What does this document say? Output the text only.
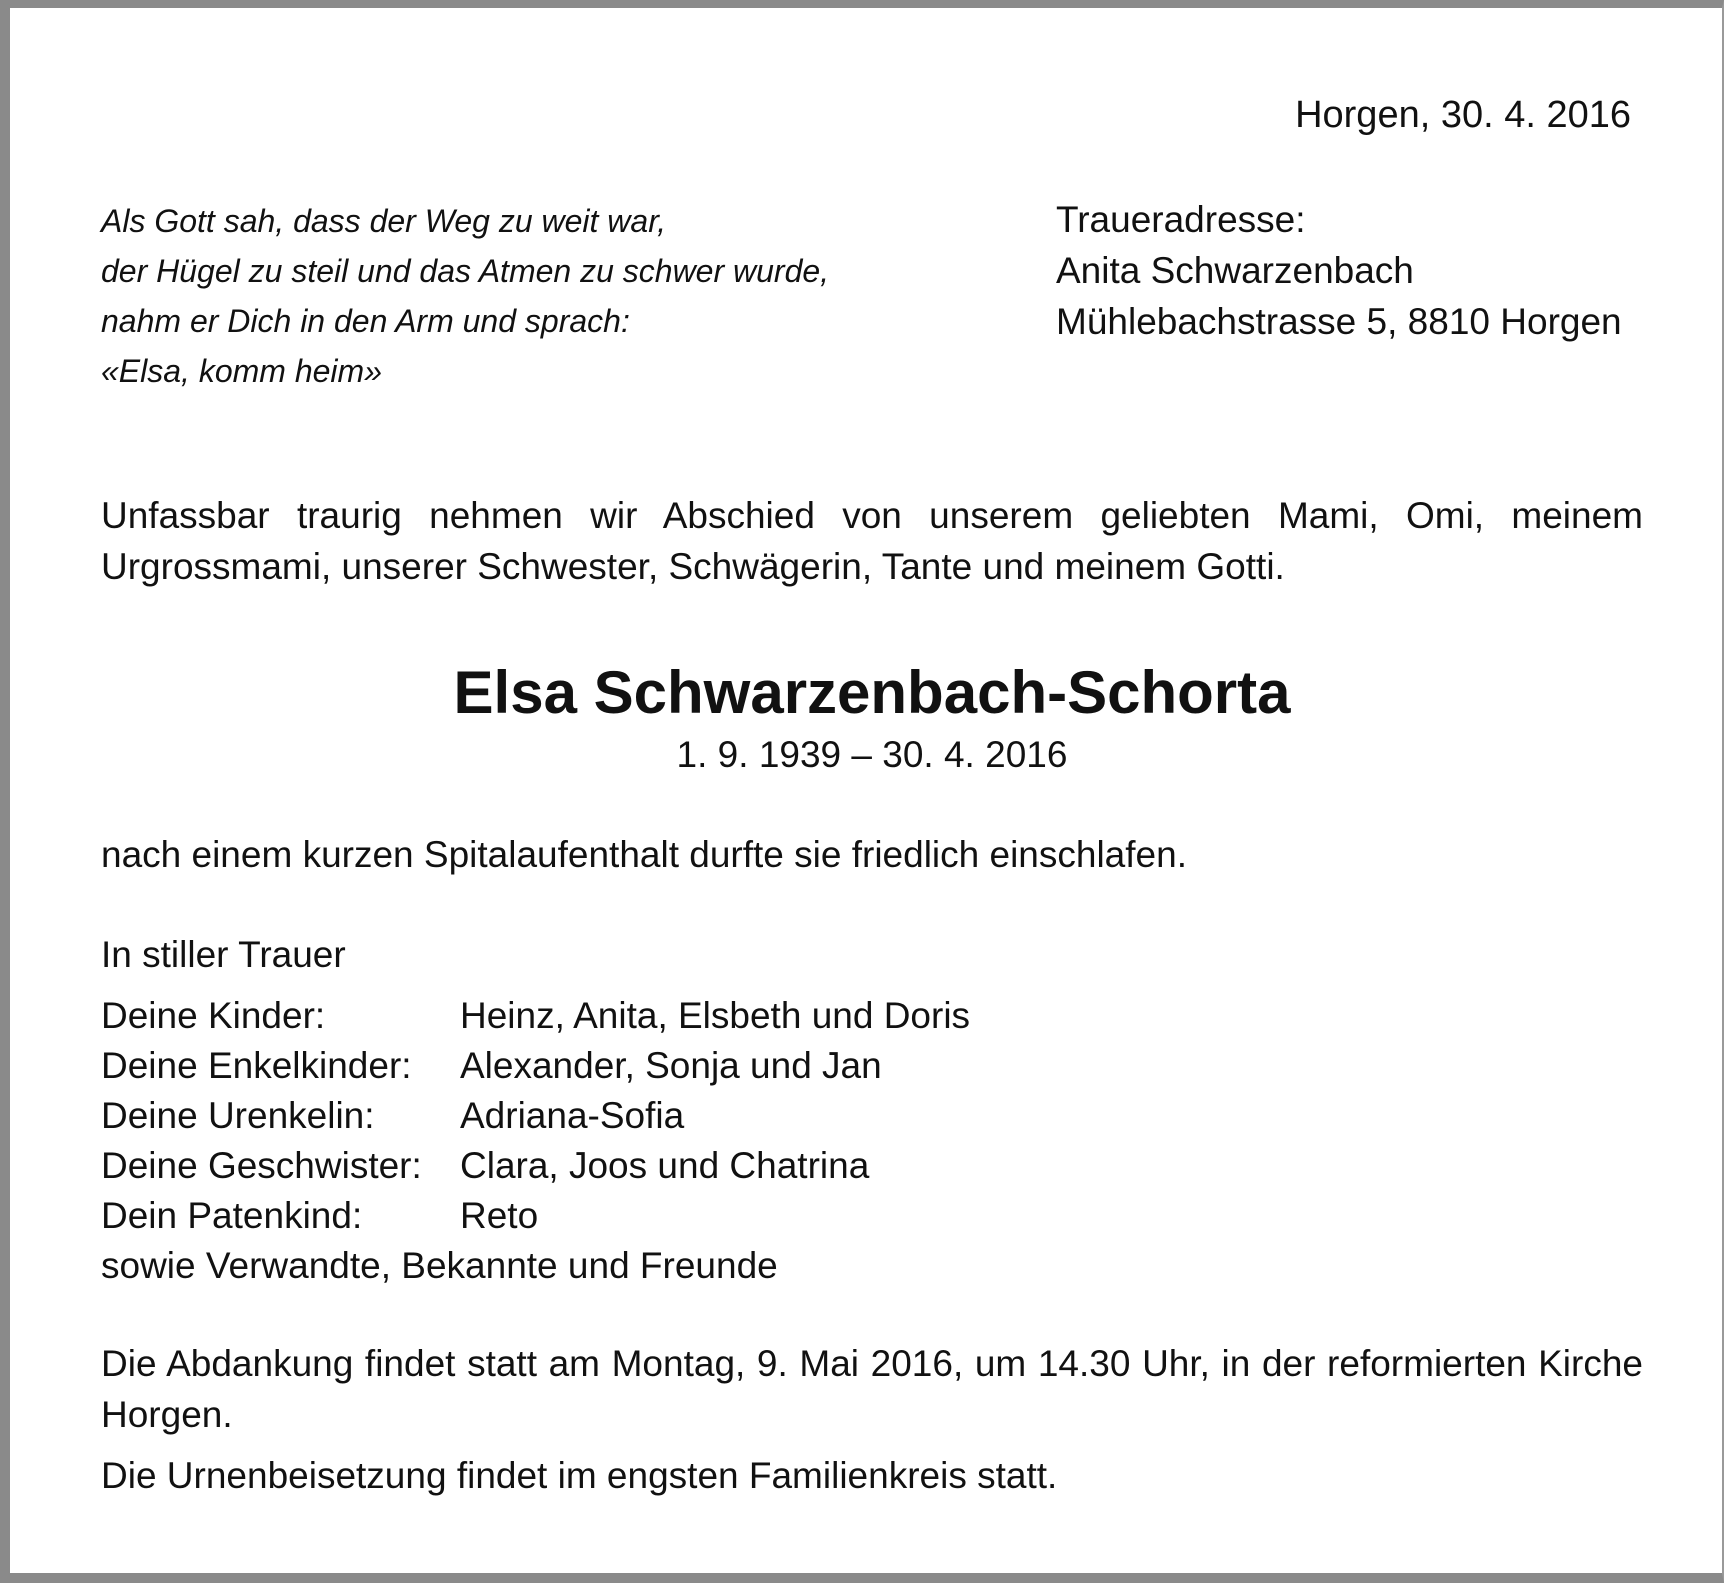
Horgen, 30. 4. 2016

Als Gott sah, dass der Weg zu weit war,
der Hügel zu steil und das Atmen zu schwer wurde,
nahm er Dich in den Arm und sprach:
«Elsa, komm heim»
Traueradresse:
Anita Schwarzenbach
Mühlebachstrasse 5, 8810 Horgen

Unfassbar traurig nehmen wir Abschied von unserem geliebten Mami, Omi, meinem Urgrossmami, unserer Schwester, Schwägerin, Tante und meinem Gotti.

Elsa Schwarzenbach-Schorta

1. 9. 1939 – 30. 4. 2016

nach einem kurzen Spitalaufenthalt durfte sie friedlich einschlafen.

In stiller Trauer

Deine Kinder:	Heinz, Anita, Elsbeth und Doris
Deine Enkelkinder:	Alexander, Sonja und Jan
Deine Urenkelin:	Adriana-Sofia
Deine Geschwister:	Clara, Joos und Chatrina
Dein Patenkind:	Reto

sowie Verwandte, Bekannte und Freunde

Die Abdankung findet statt am Montag, 9. Mai 2016, um 14.30 Uhr, in der reformierten Kirche Horgen.

Die Urnenbeisetzung findet im engsten Familienkreis statt.
